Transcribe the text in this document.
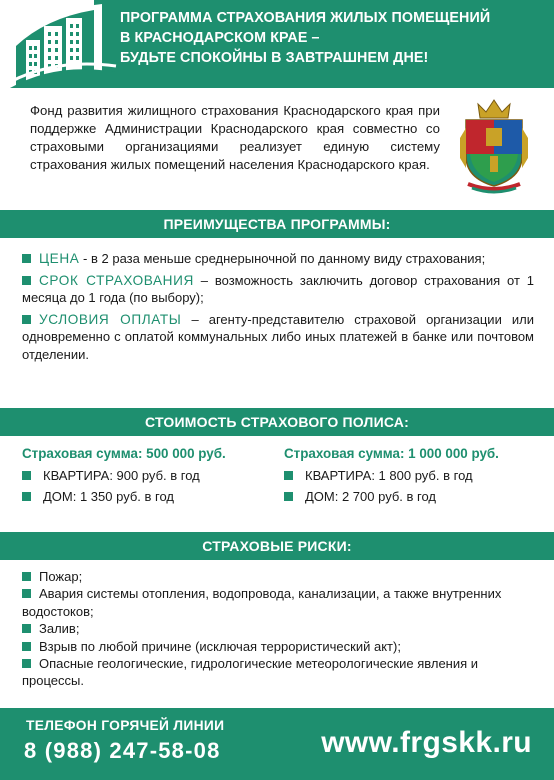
ПРОГРАММА СТРАХОВАНИЯ ЖИЛЫХ ПОМЕЩЕНИЙ
В КРАСНОДАРСКОМ КРАЕ –
БУДЬТЕ СПОКОЙНЫ В ЗАВТРАШНЕМ ДНЕ!

Фонд развития жилищного страхования Краснодарского края при поддержке Администрации Краснодарского края совместно со страховыми организациями реализует единую систему страхования жилых помещений населения Краснодарского края.

ПРЕИМУЩЕСТВА ПРОГРАММЫ:

ЦЕНА - в 2 раза меньше среднерыночной по данному виду страхования;

СРОК СТРАХОВАНИЯ – возможность заключить договор страхования от 1 месяца до 1 года (по выбору);

УСЛОВИЯ ОПЛАТЫ – агенту-представителю страховой организации или одновременно с оплатой коммунальных либо иных платежей в банке или почтовом отделении.

СТОИМОСТЬ СТРАХОВОГО ПОЛИСА:
Страховая сумма: 500 000 руб.
КВАРТИРА: 900 руб. в год
ДОМ: 1 350 руб. в год
Страховая сумма: 1 000 000 руб.
КВАРТИРА: 1 800 руб. в год
ДОМ: 2 700 руб. в год
СТРАХОВЫЕ РИСКИ:

Пожар;

Авария системы отопления, водопровода, канализации, а также внутренних водостоков;

Залив;

Взрыв по любой причине (исключая террористический акт);

Опасные геологические, гидрологические метеорологические явления и процессы.

ТЕЛЕФОН ГОРЯЧЕЙ ЛИНИИ
8 (988) 247-58-08	www.frgskk.ru
